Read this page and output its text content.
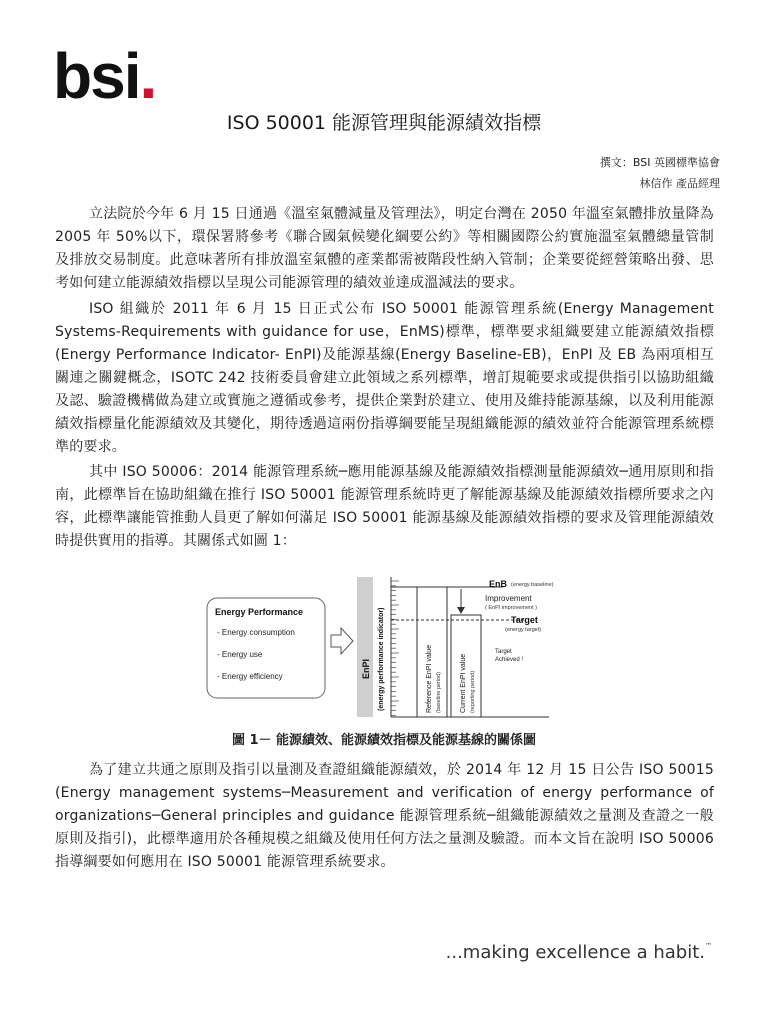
bsi.
ISO 50001 能源管理與能源績效指標
撰文：BSI 英國標準協會
林信作 產品經理

立法院於今年 6 月 15 日通過《溫室氣體減量及管理法》，明定台灣在 2050 年溫室氣體排放量降為 2005 年 50%以下，環保署將參考《聯合國氣候變化綱要公約》等相關國際公約實施溫室氣體總量管制及排放交易制度。此意味著所有排放溫室氣體的產業都需被階段性納入管制；企業要從經營策略出發、思考如何建立能源績效指標以呈現公司能源管理的績效並達成溫減法的要求。

ISO 組織於 2011 年 6 月 15 日正式公布 ISO 50001 能源管理系統(Energy Management Systems-Requirements with guidance for use，EnMS)標準，標準要求組織要建立能源績效指標(Energy Performance Indicator- EnPI)及能源基線(Energy Baseline-EB)，EnPI 及 EB 為兩項相互關連之關鍵概念，ISOTC 242 技術委員會建立此領域之系列標準，增訂規範要求或提供指引以協助組織及認、驗證機構做為建立或實施之遵循或參考，提供企業對於建立、使用及維持能源基線，以及利用能源績效指標量化能源績效及其變化，期待透過這兩份指導綱要能呈現組織能源的績效並符合能源管理系統標準的要求。

其中 ISO 50006：2014 能源管理系統─應用能源基線及能源績效指標測量能源績效─通用原則和指南，此標準旨在協助組織在推行 ISO 50001 能源管理系統時更了解能源基線及能源績效指標所要求之內容，此標準讓能管推動人員更了解如何滿足 ISO 50001 能源基線及能源績效指標的要求及管理能源績效時提供實用的指導。其關係式如圖 1：

Energy Performance
- Energy consumption
- Energy use
- Energy efficiency	EnPI (energy performance indicator)
EnB (energy baseline)
Reference EnPI value (baseline period)	Current EnPI value (reporting period)
Improvement
( EnPI improvement )
Target
(energy target)
Target
Achieved !
圖 1－ 能源績效、能源績效指標及能源基線的關係圖

為了建立共通之原則及指引以量測及查證組織能源績效，於 2014 年 12 月 15 日公告 ISO 50015 (Energy management systems─Measurement and verification of energy performance of organizations─General principles and guidance 能源管理系統─組織能源績效之量測及查證之一般原則及指引)，此標準適用於各種規模之組織及使用任何方法之量測及驗證。而本文旨在說明 ISO 50006 指導綱要如何應用在 ISO 50001 能源管理系統要求。

...making excellence a habit.™
